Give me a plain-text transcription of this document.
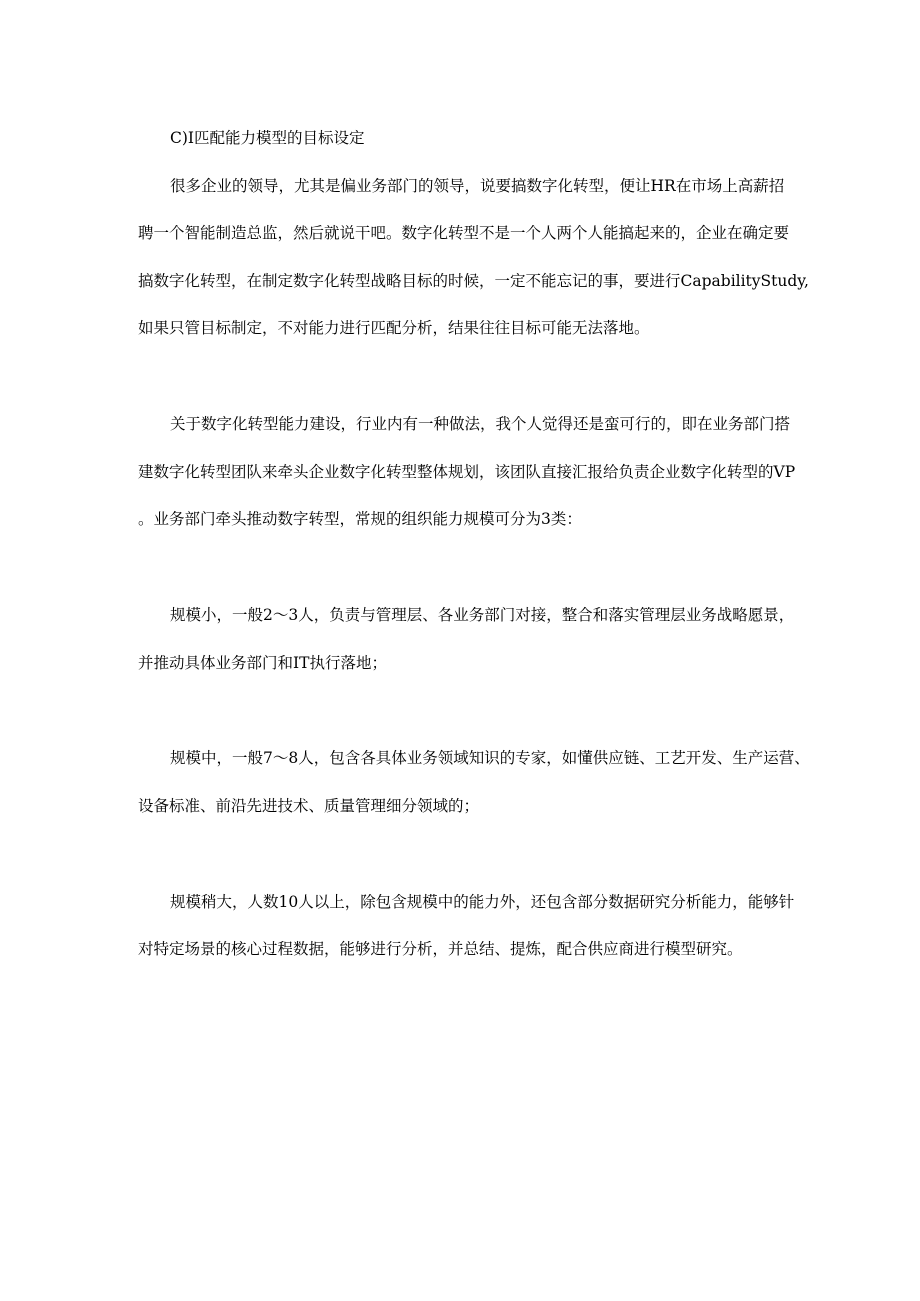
C)I匹配能力模型的目标设定
很多企业的领导，尤其是偏业务部门的领导，说要搞数字化转型，便让HR在市场上高薪招
聘一个智能制造总监，然后就说干吧。数字化转型不是一个人两个人能搞起来的，企业在确定要
搞数字化转型，在制定数字化转型战略目标的时候，一定不能忘记的事，要进行CapabilityStudy,
如果只管目标制定，不对能力进行匹配分析，结果往往目标可能无法落地。
关于数字化转型能力建设，行业内有一种做法，我个人觉得还是蛮可行的，即在业务部门搭
建数字化转型团队来牵头企业数字化转型整体规划，该团队直接汇报给负责企业数字化转型的VP
。业务部门牵头推动数字转型，常规的组织能力规模可分为3类：
规模小，一般2〜3人，负责与管理层、各业务部门对接，整合和落实管理层业务战略愿景，
并推动具体业务部门和IT执行落地；
规模中，一般7〜8人，包含各具体业务领域知识的专家，如懂供应链、工艺开发、生产运营、
设备标准、前沿先进技术、质量管理细分领域的；
规模稍大，人数10人以上，除包含规模中的能力外，还包含部分数据研究分析能力，能够针
对特定场景的核心过程数据，能够进行分析，并总结、提炼，配合供应商进行模型研究。
